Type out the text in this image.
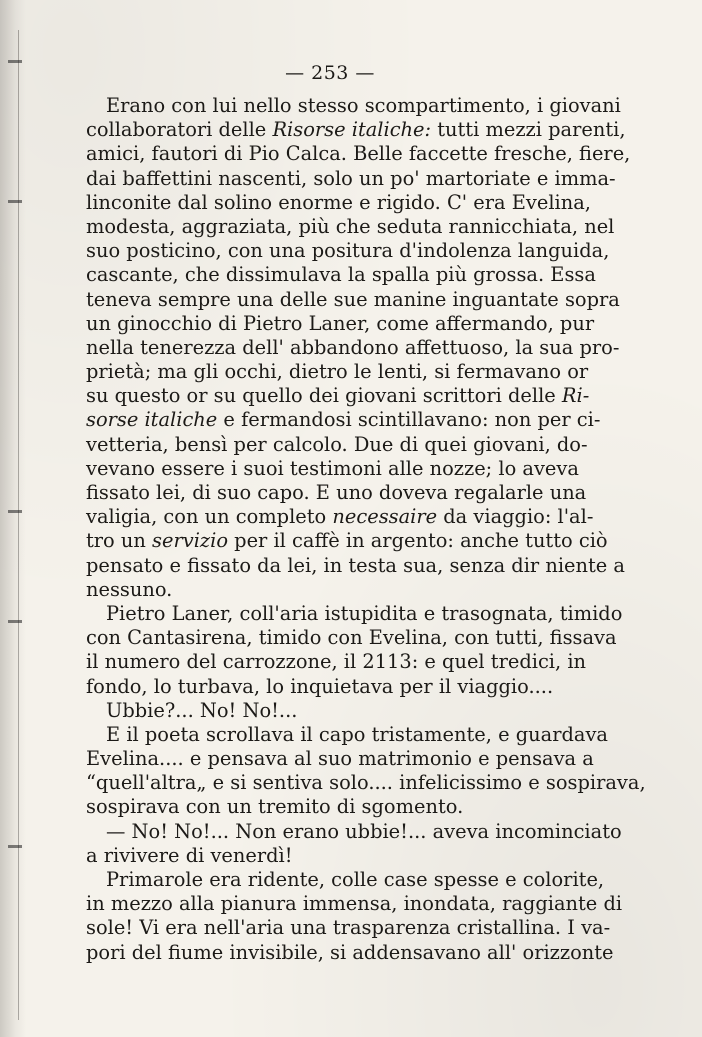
— 253 —
Erano con lui nello stesso scompartimento, i giovani
collaboratori delle Risorse italiche: tutti mezzi parenti,
amici, fautori di Pio Calca. Belle faccette fresche, fiere,
dai baffettini nascenti, solo un po' martoriate e imma-
linconite dal solino enorme e rigido. C' era Evelina,
modesta, aggraziata, più che seduta rannicchiata, nel
suo posticino, con una positura d'indolenza languida,
cascante, che dissimulava la spalla più grossa. Essa
teneva sempre una delle sue manine inguantate sopra
un ginocchio di Pietro Laner, come affermando, pur
nella tenerezza dell' abbandono affettuoso, la sua pro-
prietà; ma gli occhi, dietro le lenti, si fermavano or
su questo or su quello dei giovani scrittori delle Ri-
sorse italiche e fermandosi scintillavano: non per ci-
vetteria, bensì per calcolo. Due di quei giovani, do-
vevano essere i suoi testimoni alle nozze; lo aveva
fissato lei, di suo capo. E uno doveva regalarle una
valigia, con un completo necessaire da viaggio: l'al-
tro un servizio per il caffè in argento: anche tutto ciò
pensato e fissato da lei, in testa sua, senza dir niente a
nessuno.
Pietro Laner, coll'aria istupidita e trasognata, timido
con Cantasirena, timido con Evelina, con tutti, fissava
il numero del carrozzone, il 2113: e quel tredici, in
fondo, lo turbava, lo inquietava per il viaggio....
Ubbie?... No! No!...
E il poeta scrollava il capo tristamente, e guardava
Evelina.... e pensava al suo matrimonio e pensava a
“quell'altra„ e si sentiva solo.... infelicissimo e sospirava,
sospirava con un tremito di sgomento.
— No! No!... Non erano ubbie!... aveva incominciato
a rivivere di venerdì!
Primarole era ridente, colle case spesse e colorite,
in mezzo alla pianura immensa, inondata, raggiante di
sole! Vi era nell'aria una trasparenza cristallina. I va-
pori del fiume invisibile, si addensavano all' orizzonte
